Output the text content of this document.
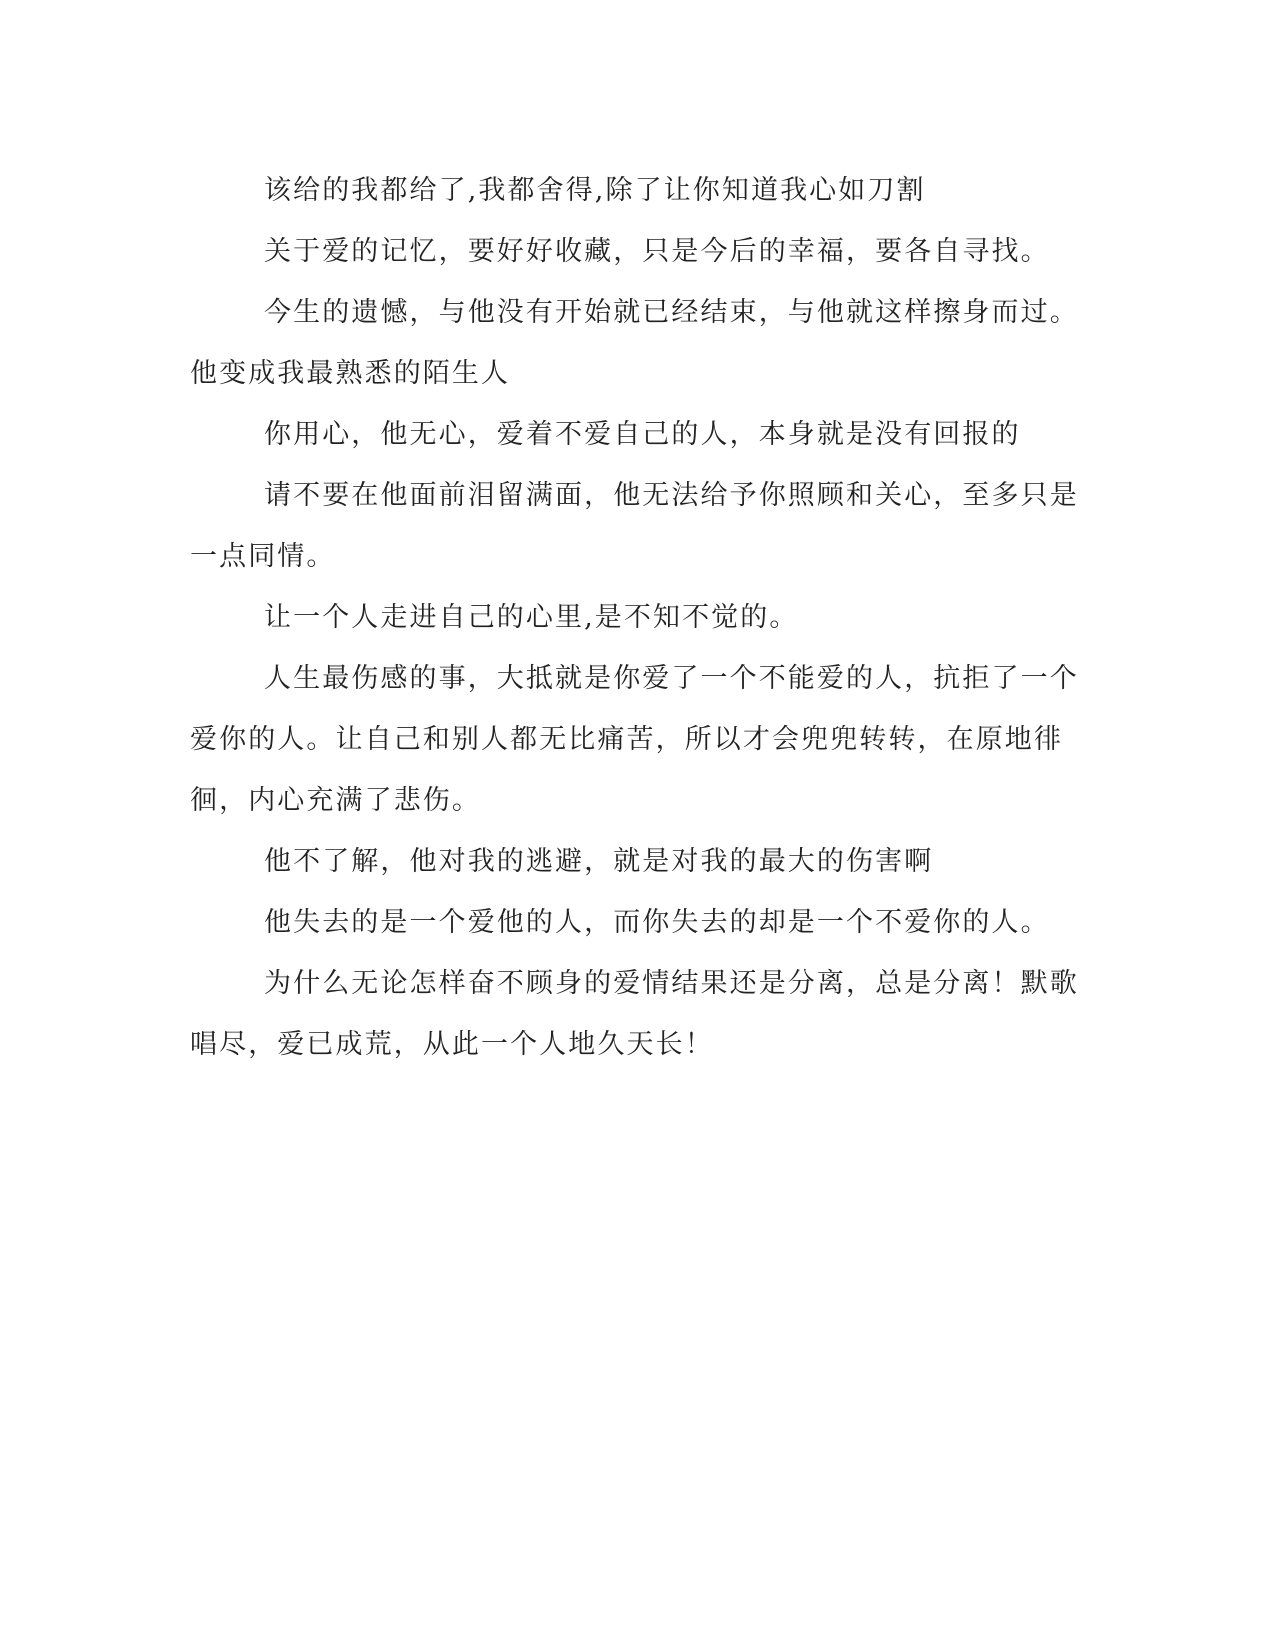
该给的我都给了,我都舍得,除了让你知道我心如刀割

关于爱的记忆，要好好收藏，只是今后的幸福，要各自寻找。

今生的遗憾，与他没有开始就已经结束，与他就这样擦身而过。他变成我最熟悉的陌生人

你用心，他无心，爱着不爱自己的人，本身就是没有回报的

请不要在他面前泪留满面，他无法给予你照顾和关心，至多只是一点同情。

让一个人走进自己的心里,是不知不觉的。

人生最伤感的事，大抵就是你爱了一个不能爱的人，抗拒了一个爱你的人。让自己和别人都无比痛苦，所以才会兜兜转转，在原地徘徊，内心充满了悲伤。

他不了解，他对我的逃避，就是对我的最大的伤害啊

他失去的是一个爱他的人，而你失去的却是一个不爱你的人。

为什么无论怎样奋不顾身的爱情结果还是分离，总是分离！默歌唱尽，爱已成荒，从此一个人地久天长！
